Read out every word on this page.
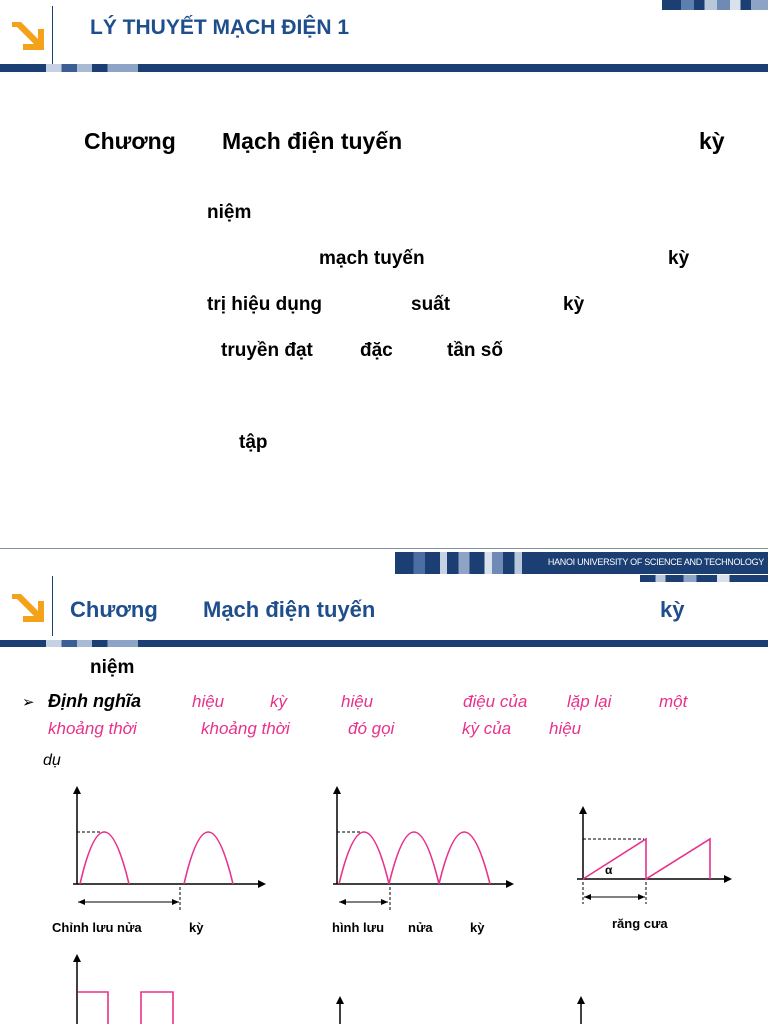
LÝ THUYẾT MẠCH ĐIỆN 1
Chương Mạch điện tuyến	kỳ
niệm
mạch tuyến	kỳ
trị hiệu dụng	suất	kỳ
truyền đạt đặc	tần số
tập
HANOI UNIVERSITY OF SCIENCE AND TECHNOLOGY
Chương Mạch điện tuyến	kỳ
niệm
➢ Định nghĩa	hiệu	kỳ	hiệu	điệu của lặp lại	một
khoảng thời	khoảng thời	đó gọi	kỳ của hiệu
dụ
Chỉnh lưu nửa	kỳ	hình lưu nửa	kỳ
α
răng cưa
